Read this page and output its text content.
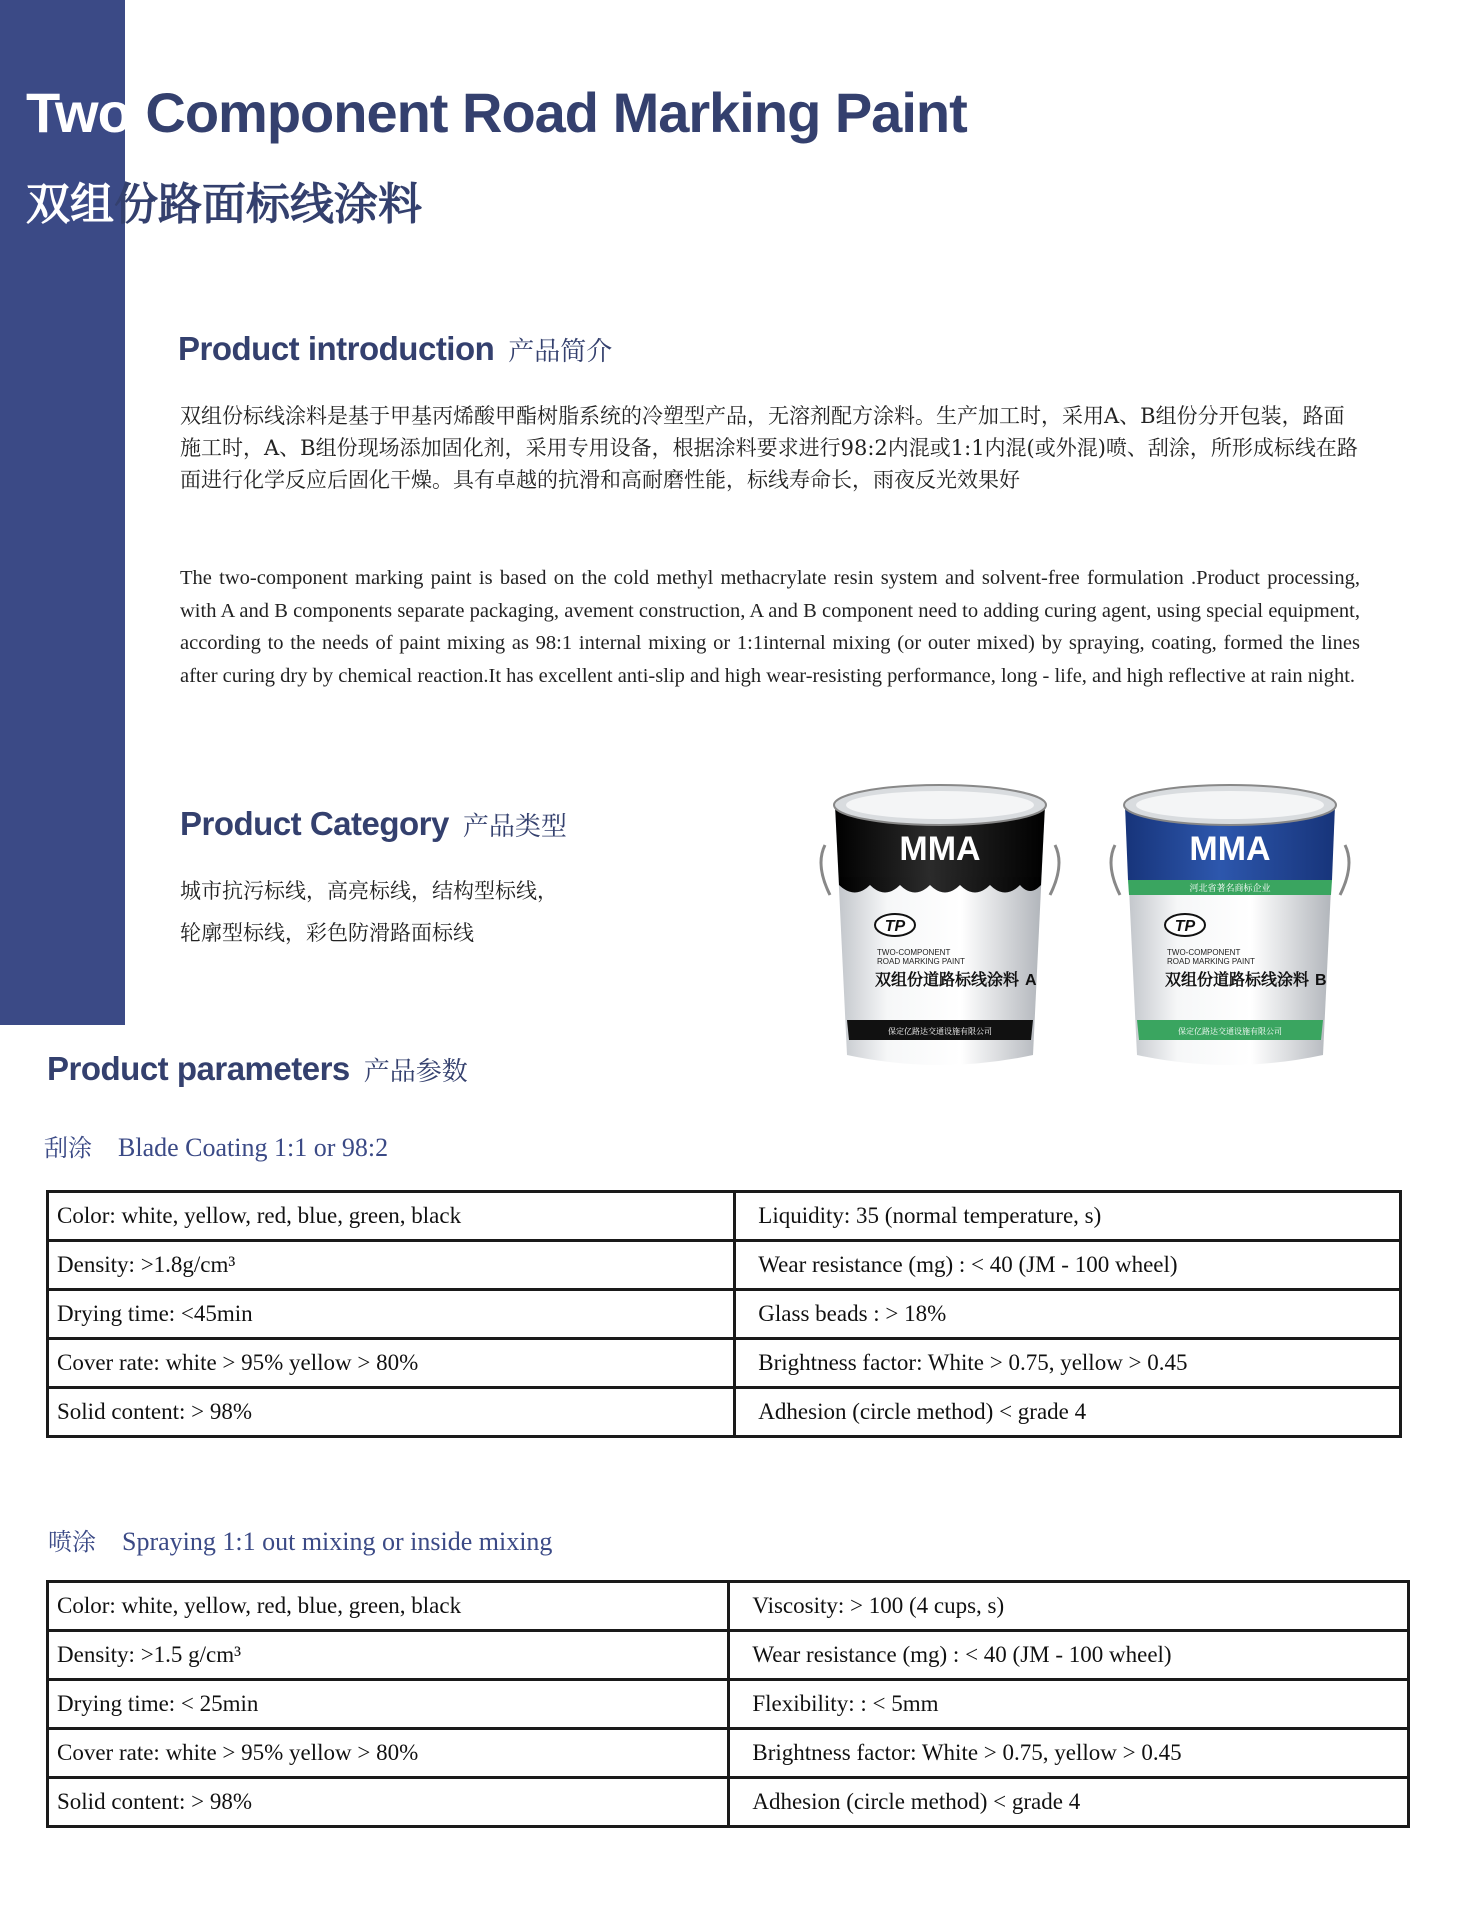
Two Component Road Marking Paint
双组份路面标线涂料
Product introduction 产品简介

双组份标线涂料是基于甲基丙烯酸甲酯树脂系统的冷塑型产品，无溶剂配方涂料。生产加工时，采用A、B组份分开包装，路面施工时，A、B组份现场添加固化剂，采用专用设备，根据涂料要求进行98:2内混或1:1内混(或外混)喷、刮涂，所形成标线在路面进行化学反应后固化干燥。具有卓越的抗滑和高耐磨性能，标线寿命长，雨夜反光效果好

The two-component marking paint is based on the cold methyl methacrylate resin system and solvent-free formulation .Product processing, with A and B components separate packaging, avement construction, A and B component need to adding curing agent, using special equipment, according to the needs of paint mixing as 98:1 internal mixing or 1:1internal mixing (or outer mixed) by spraying, coating, formed the lines after curing dry by chemical reaction.It has excellent anti-slip and high wear-resisting performance, long - life, and high reflective at rain night.

Product Category 产品类型
城市抗污标线，高亮标线，结构型标线，
轮廓型标线，彩色防滑路面标线
MMA
TP
TWO-COMPONENT
ROAD MARKING PAINT
双组份道路标线涂料 A
保定亿路达交通设施有限公司
MMA
河北省著名商标企业
TP
TWO-COMPONENT
ROAD MARKING PAINT
双组份道路标线涂料 B
保定亿路达交通设施有限公司
Product parameters 产品参数
刮涂 Blade Coating 1:1 or 98:2
Color: white, yellow, red, blue, green, black	Liquidity: 35 (normal temperature, s)
Density: >1.8g/cm³	Wear resistance (mg) : < 40 (JM - 100 wheel)
Drying time: <45min	Glass beads : > 18%
Cover rate: white > 95% yellow > 80%	Brightness factor: White > 0.75, yellow > 0.45
Solid content: > 98%	Adhesion (circle method) < grade 4
喷涂 Spraying 1:1 out mixing or inside mixing
Color: white, yellow, red, blue, green, black	Viscosity: > 100 (4 cups, s)
Density: >1.5 g/cm³	Wear resistance (mg) : < 40 (JM - 100 wheel)
Drying time: < 25min	Flexibility: : < 5mm
Cover rate: white > 95% yellow > 80%	Brightness factor: White > 0.75, yellow > 0.45
Solid content: > 98%	Adhesion (circle method) < grade 4
